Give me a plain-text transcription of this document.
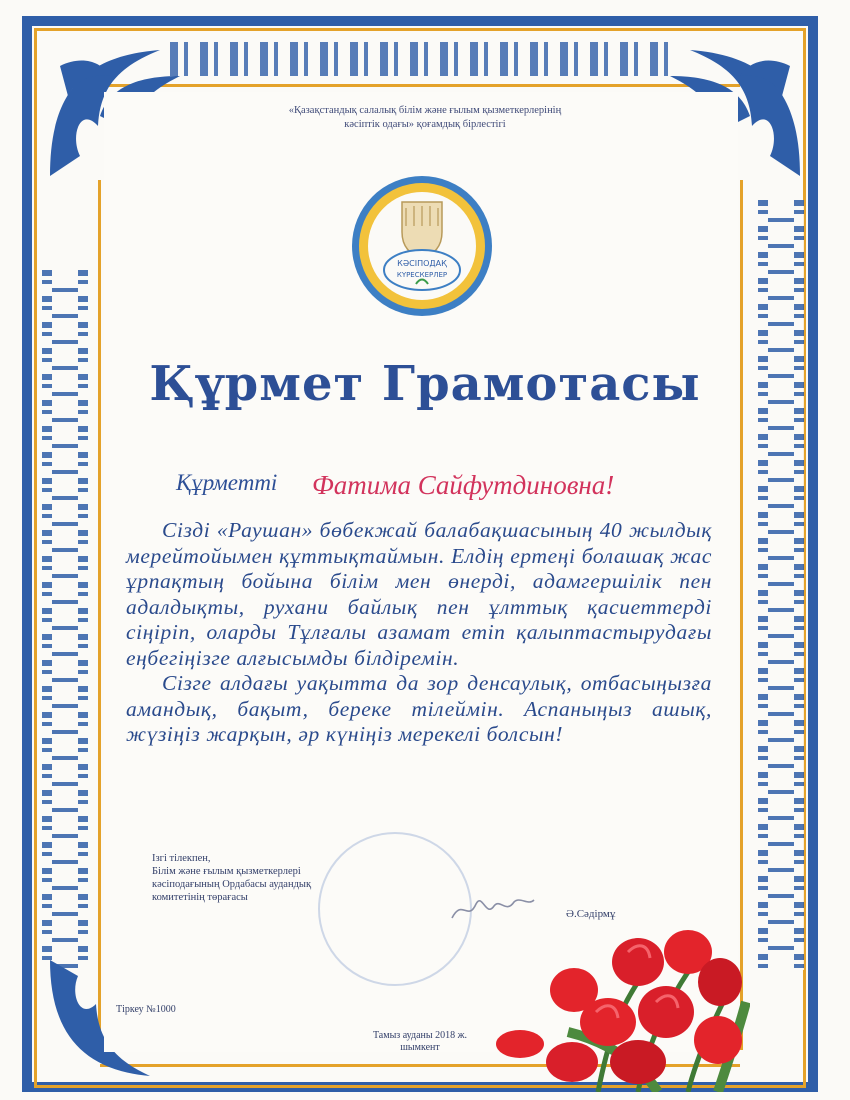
«Қазақстандық салалық білім және ғылым қызметкерлерінің
кәсіптік одағы» қоғамдық бірлестігі
КӘСІПОДАҚ
КҮРЕСКЕРЛЕР
Құрмет Грамотасы
Құрметті Фатима Сайфутдиновна!

Сізді «Раушан» бөбекжай балабақшасының 40 жылдық мерейтойымен құттықтаймын. Елдің ертеңі болашақ жас ұрпақтың бойына білім мен өнерді, адамгершілік пен адалдықты, рухани байлық пен ұлттық қасиеттерді сіңіріп, оларды Тұлғалы азамат етіп қалыптастырудағы еңбегіңізге алғысымды білдіремін.

Сізге алдағы уақытта да зор денсаулық, отбасыңызға амандық, бақыт, береке тілеймін. Аспаныңыз ашық, жүзіңіз жарқын, әр күніңіз мерекелі болсын!

Ізгі тілекпен,
Білім және ғылым қызметкерлері
кәсіподағының Ордабасы аудандық
комитетінің төрағасы
Ә.Сәдірмұ
Тіркеу №1000
Тамыз ауданы 2018 ж.
шымкент
